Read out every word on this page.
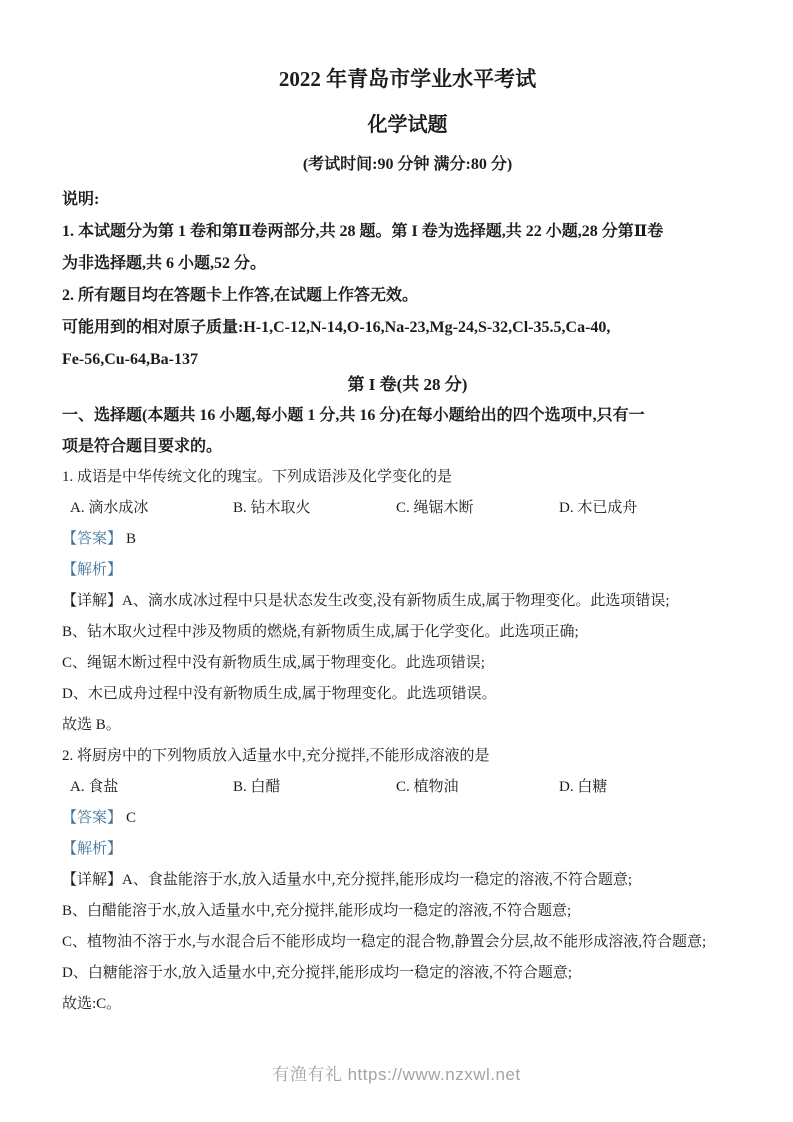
2022 年青岛市学业水平考试
化学试题
(考试时间:90 分钟 满分:80 分)
说明:
1. 本试题分为第 1 卷和第Ⅱ卷两部分,共 28 题。第 I 卷为选择题,共 22 小题,28 分第Ⅱ卷
为非选择题,共 6 小题,52 分。
2. 所有题目均在答题卡上作答,在试题上作答无效。
可能用到的相对原子质量:H-1,C-12,N-14,O-16,Na-23,Mg-24,S-32,Cl-35.5,Ca-40,
Fe-56,Cu-64,Ba-137
第 I 卷(共 28 分)
一、选择题(本题共 16 小题,每小题 1 分,共 16 分)在每小题给出的四个选项中,只有一
项是符合题目要求的。
1. 成语是中华传统文化的瑰宝。下列成语涉及化学变化的是
A. 滴水成冰	B. 钻木取火	C. 绳锯木断	D. 木已成舟
【答案】 B
【解析】
【详解】A、滴水成冰过程中只是状态发生改变,没有新物质生成,属于物理变化。此选项错误;
B、钻木取火过程中涉及物质的燃烧,有新物质生成,属于化学变化。此选项正确;
C、绳锯木断过程中没有新物质生成,属于物理变化。此选项错误;
D、木已成舟过程中没有新物质生成,属于物理变化。此选项错误。
故选 B。
2. 将厨房中的下列物质放入适量水中,充分搅拌,不能形成溶液的是
A. 食盐	B. 白醋	C. 植物油	D. 白糖
【答案】 C
【解析】
【详解】A、食盐能溶于水,放入适量水中,充分搅拌,能形成均一稳定的溶液,不符合题意;
B、白醋能溶于水,放入适量水中,充分搅拌,能形成均一稳定的溶液,不符合题意;
C、植物油不溶于水,与水混合后不能形成均一稳定的混合物,静置会分层,故不能形成溶液,符合题意;
D、白糖能溶于水,放入适量水中,充分搅拌,能形成均一稳定的溶液,不符合题意;
故选:C。
有渔有礼 https://www.nzxwl.net
